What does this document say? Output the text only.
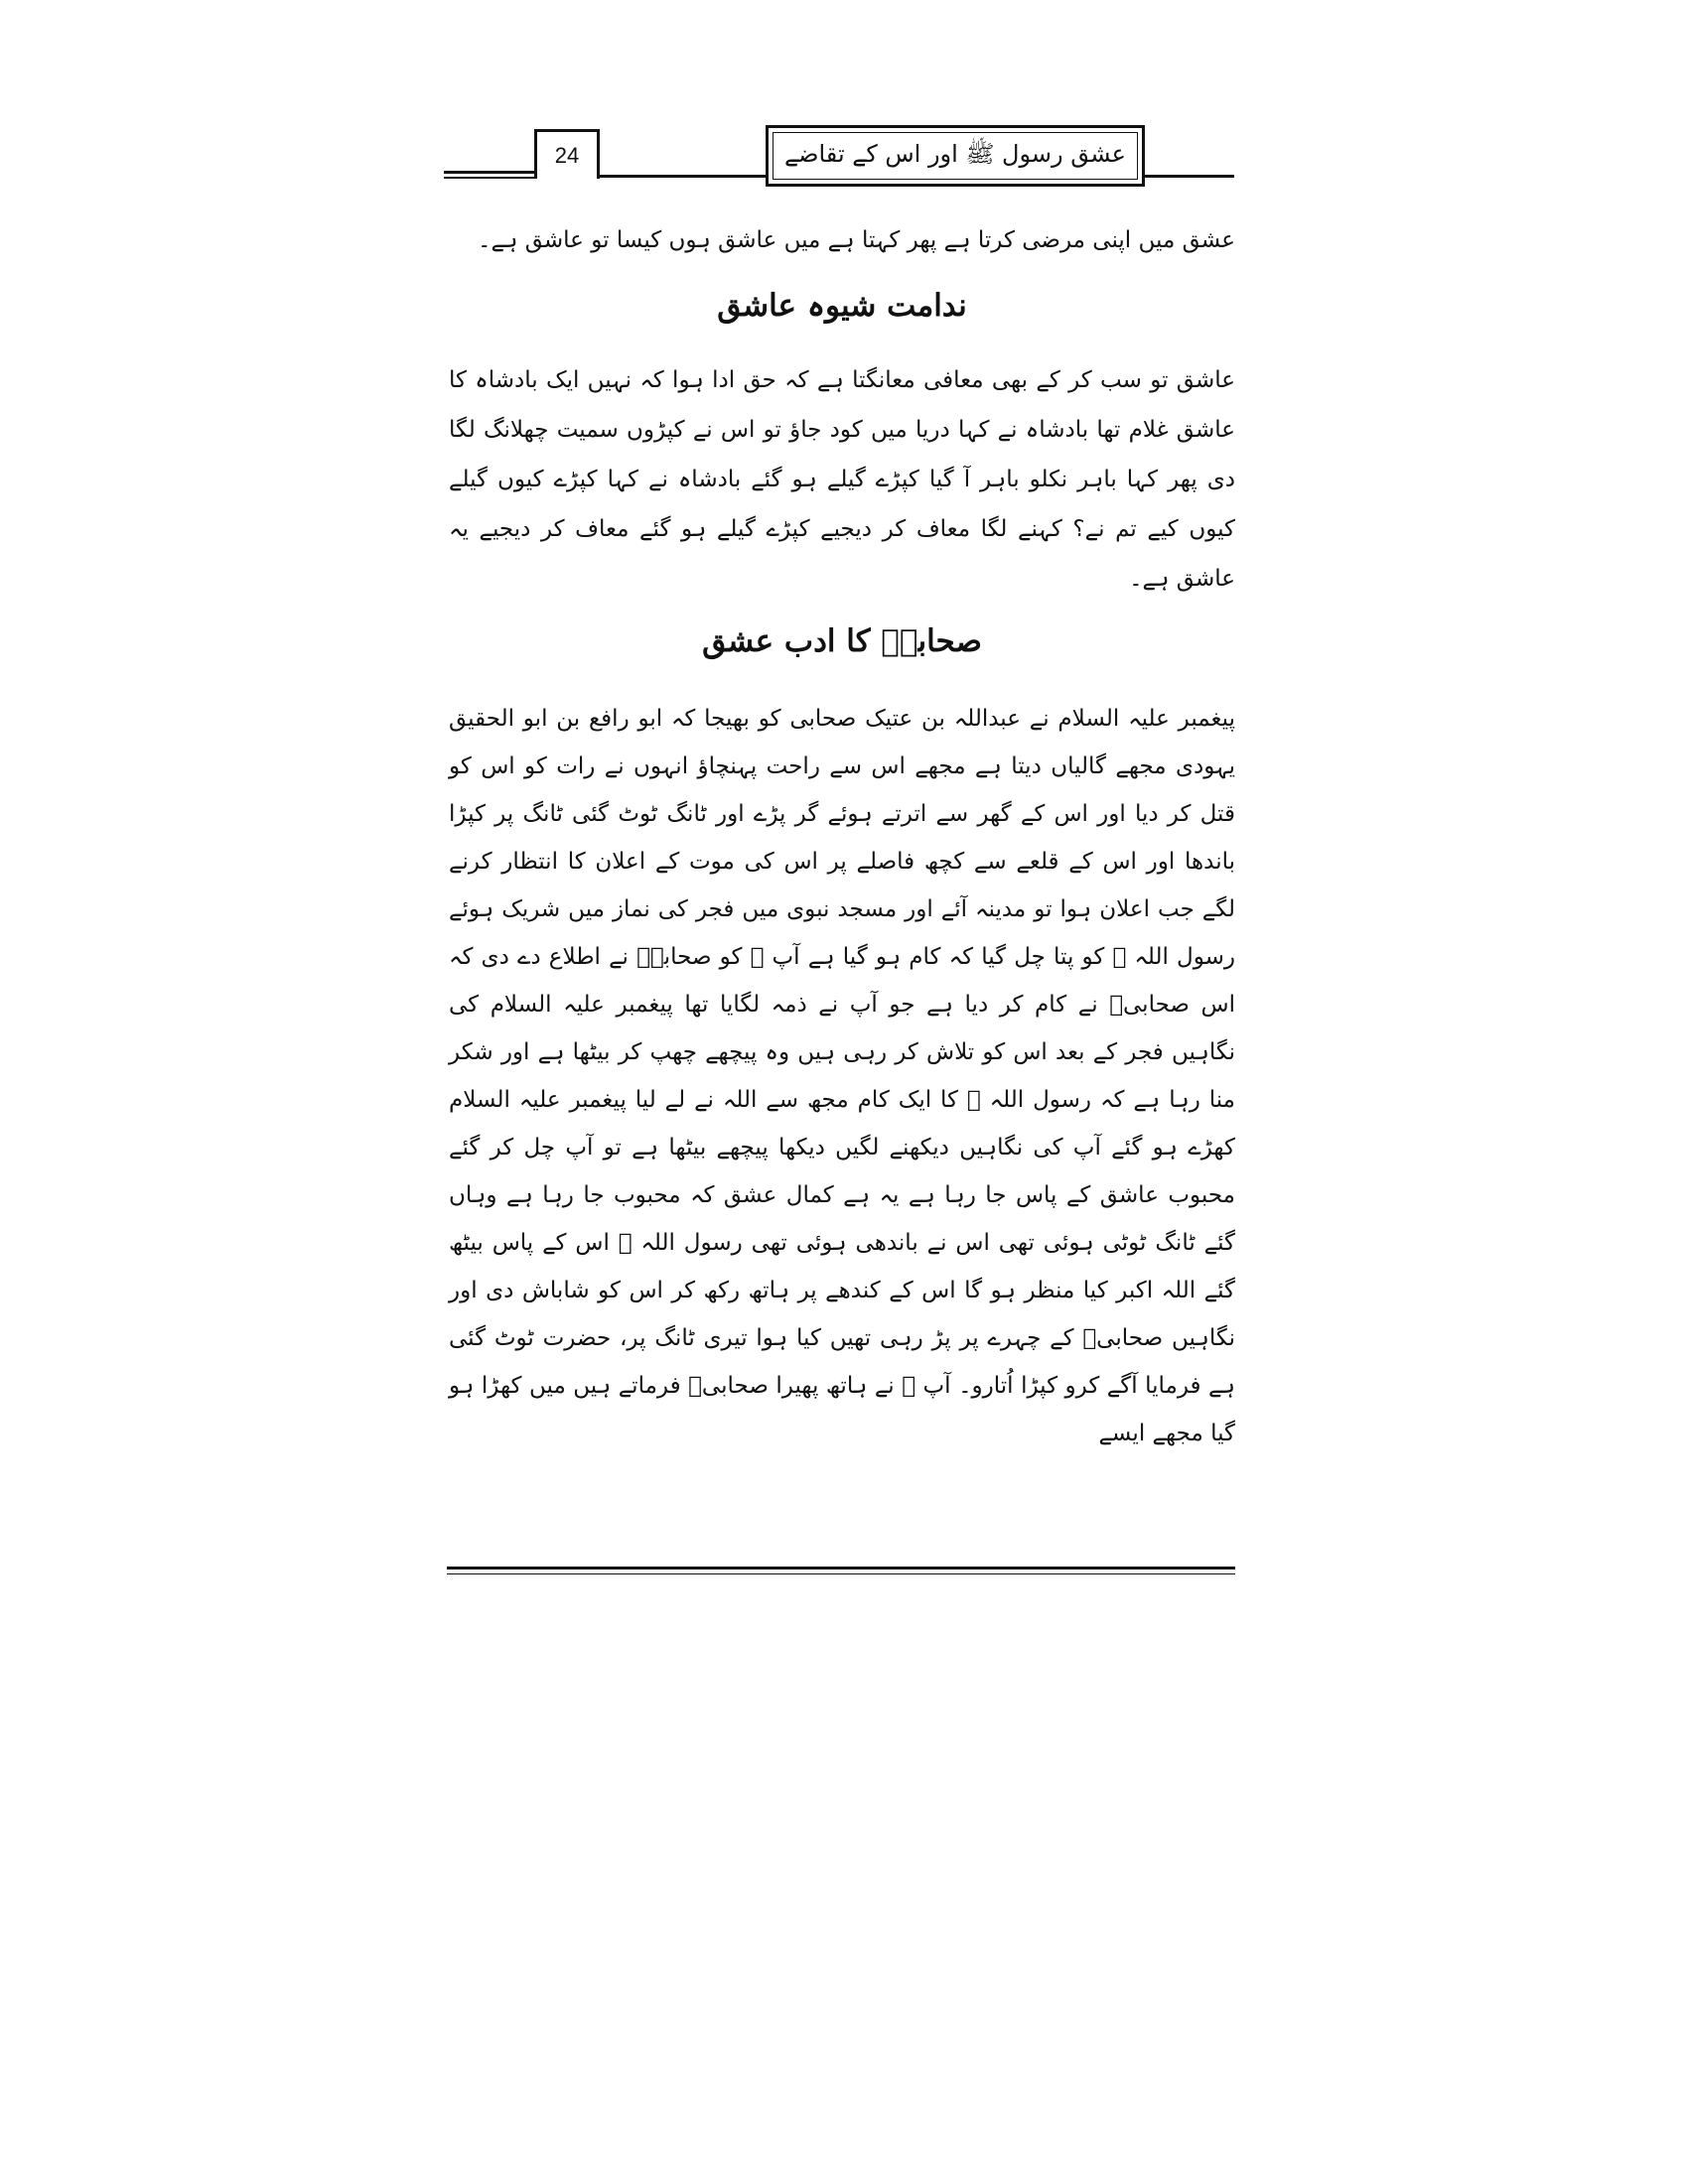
24	عشق رسول ﷺ اور اس کے تقاضے

عشق میں اپنی مرضی کرتا ہے پھر کہتا ہے میں عاشق ہوں کیسا تو عاشق ہے۔

ندامت شیوہ عاشق

عاشق تو سب کر کے بھی معافی معانگتا ہے کہ حق ادا ہوا کہ نہیں ایک بادشاہ کا عاشق غلام تھا بادشاہ نے کہا دریا میں کود جاؤ تو اس نے کپڑوں سمیت چھلانگ لگا دی پھر کہا باہر نکلو باہر آ گیا کپڑے گیلے ہو گئے بادشاہ نے کہا کپڑے کیوں گیلے کیوں کیے تم نے؟ کہنے لگا معاف کر دیجیے کپڑے گیلے ہو گئے معاف کر دیجیے یہ عاشق ہے۔

صحابیؓ کا ادب عشق

پیغمبر علیہ السلام نے عبداللہ بن عتیک صحابی کو بھیجا کہ ابو رافع بن ابو الحقیق یہودی مجھے گالیاں دیتا ہے مجھے اس سے راحت پہنچاؤ انہوں نے رات کو اس کو قتل کر دیا اور اس کے گھر سے اترتے ہوئے گر پڑے اور ٹانگ ٹوٹ گئی ٹانگ پر کپڑا باندھا اور اس کے قلعے سے کچھ فاصلے پر اس کی موت کے اعلان کا انتظار کرنے لگے جب اعلان ہوا تو مدینہ آئے اور مسجد نبوی میں فجر کی نماز میں شریک ہوئے رسول اللہ ﷺ کو پتا چل گیا کہ کام ہو گیا ہے آپ ﷺ کو صحابہؓ نے اطلاع دے دی کہ اس صحابیؓ نے کام کر دیا ہے جو آپ نے ذمہ لگایا تھا پیغمبر علیہ السلام کی نگاہیں فجر کے بعد اس کو تلاش کر رہی ہیں وہ پیچھے چھپ کر بیٹھا ہے اور شکر منا رہا ہے کہ رسول اللہ ﷺ کا ایک کام مجھ سے اللہ نے لے لیا پیغمبر علیہ السلام کھڑے ہو گئے آپ کی نگاہیں دیکھنے لگیں دیکھا پیچھے بیٹھا ہے تو آپ چل کر گئے محبوب عاشق کے پاس جا رہا ہے یہ ہے کمال عشق کہ محبوب جا رہا ہے وہاں گئے ٹانگ ٹوٹی ہوئی تھی اس نے باندھی ہوئی تھی رسول اللہ ﷺ اس کے پاس بیٹھ گئے اللہ اکبر کیا منظر ہو گا اس کے کندھے پر ہاتھ رکھ کر اس کو شاباش دی اور نگاہیں صحابیؓ کے چہرے پر پڑ رہی تھیں کیا ہوا تیری ٹانگ پر، حضرت ٹوٹ گئی ہے فرمایا آگے کرو کپڑا اُتارو۔ آپ ﷺ نے ہاتھ پھیرا صحابیؓ فرماتے ہیں میں کھڑا ہو گیا مجھے ایسے
